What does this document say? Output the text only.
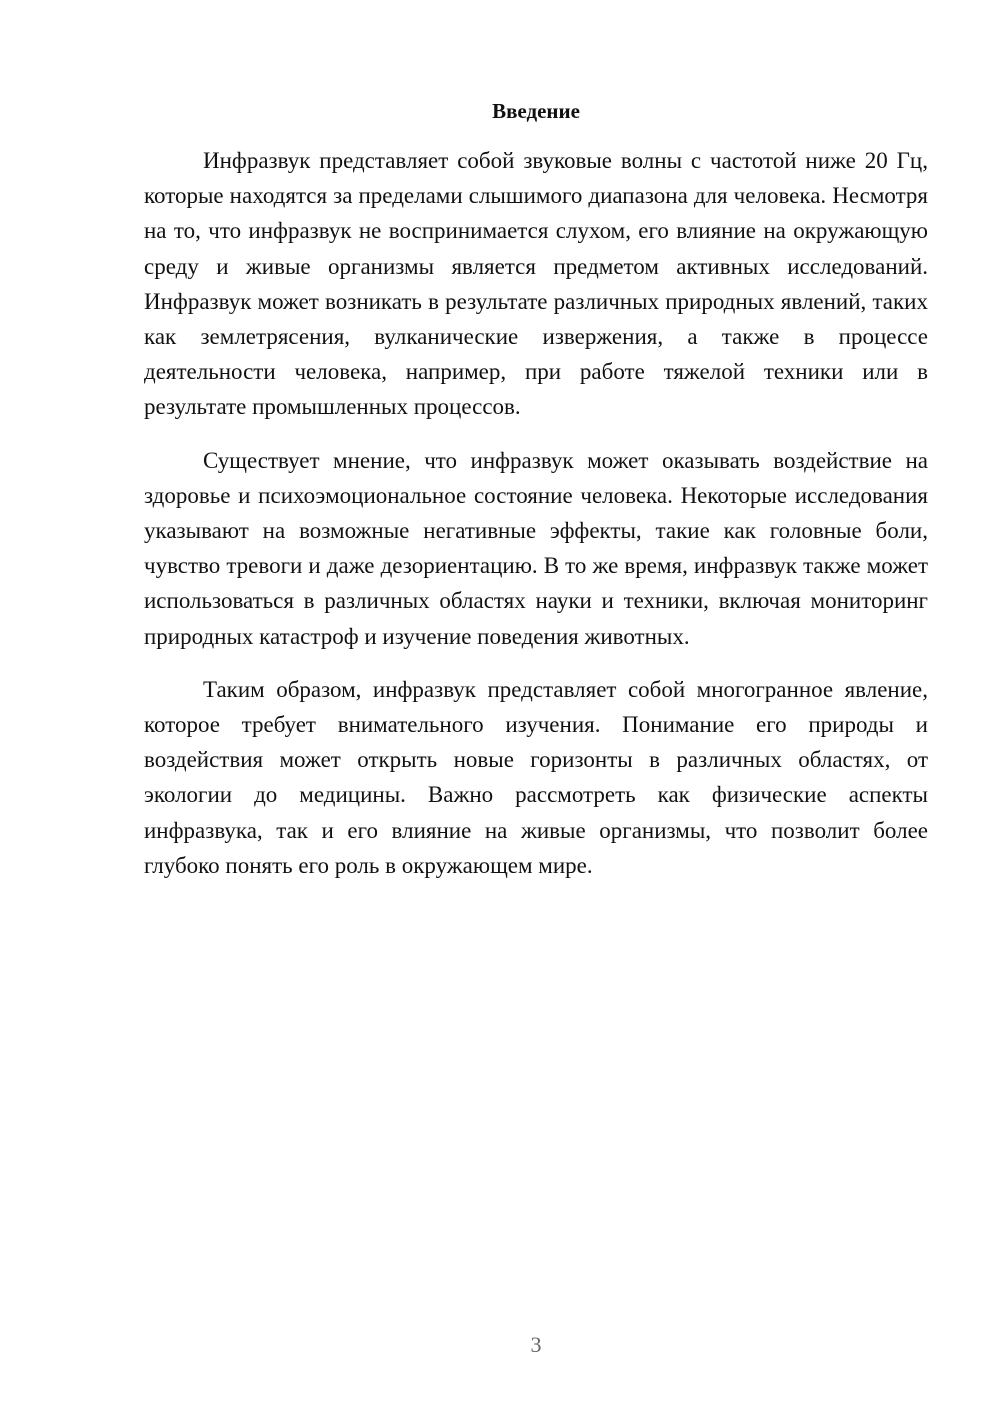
Введение

Инфразвук представляет собой звуковые волны с частотой ниже 20 Гц, которые находятся за пределами слышимого диапазона для человека. Несмотря на то, что инфразвук не воспринимается слухом, его влияние на окружающую среду и живые организмы является предметом активных исследований. Инфразвук может возникать в результате различных природных явлений, таких как землетрясения, вулканические извержения, а также в процессе деятельности человека, например, при работе тяжелой техники или в результате промышленных процессов.

Существует мнение, что инфразвук может оказывать воздействие на здоровье и психоэмоциональное состояние человека. Некоторые исследования указывают на возможные негативные эффекты, такие как головные боли, чувство тревоги и даже дезориентацию. В то же время, инфразвук также может использоваться в различных областях науки и техники, включая мониторинг природных катастроф и изучение поведения животных.

Таким образом, инфразвук представляет собой многогранное явление, которое требует внимательного изучения. Понимание его природы и воздействия может открыть новые горизонты в различных областях, от экологии до медицины. Важно рассмотреть как физические аспекты инфразвука, так и его влияние на живые организмы, что позволит более глубоко понять его роль в окружающем мире.

3
